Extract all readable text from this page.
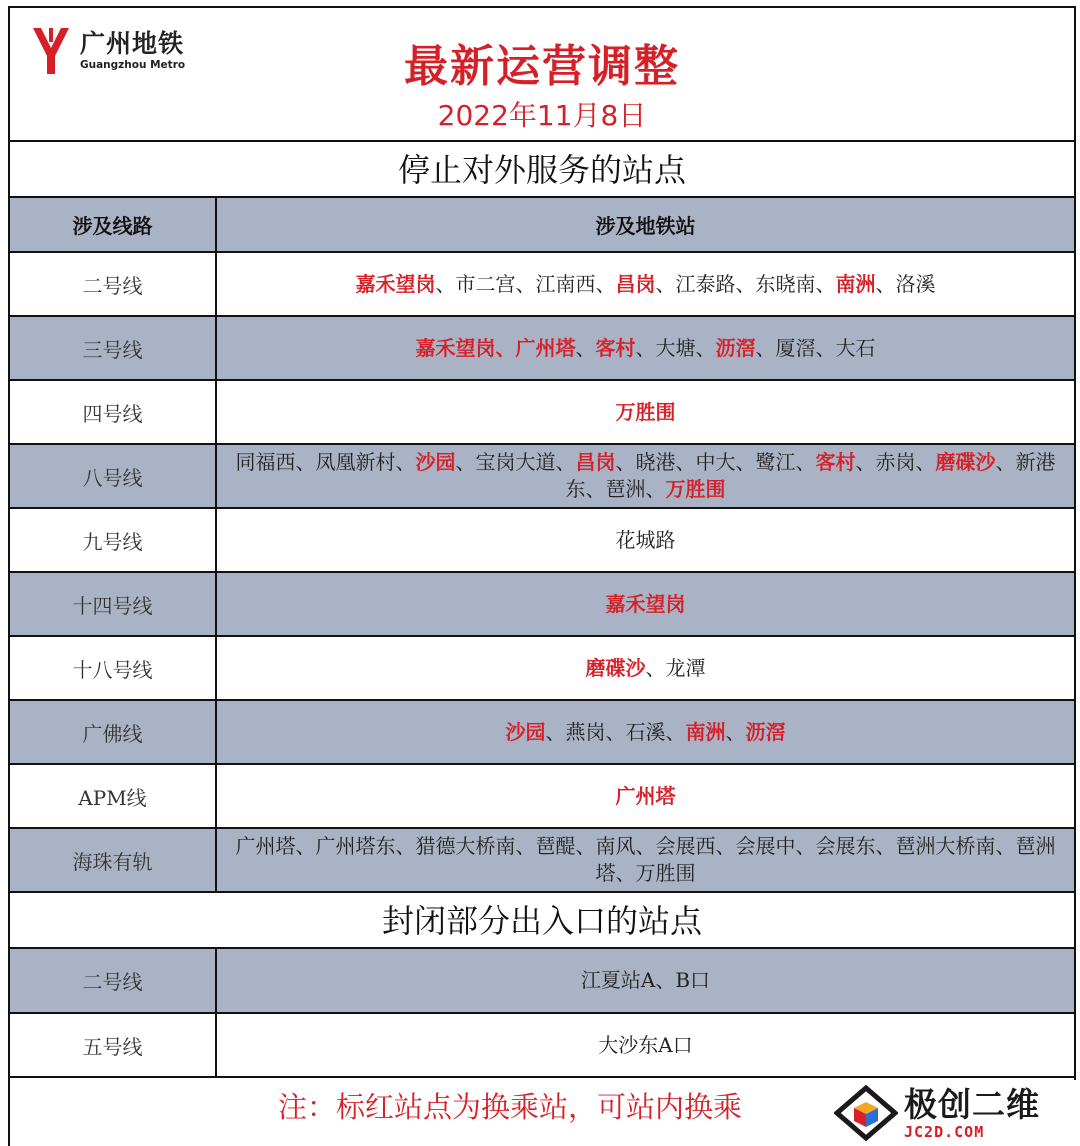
广州地铁
Guangzhou Metro	最新运营调整
2022年11月8日
停止对外服务的站点
涉及线路	涉及地铁站
二号线	嘉禾望岗、市二宫、江南西、昌岗、江泰路、东晓南、南洲、洛溪
三号线	嘉禾望岗、广州塔、客村、大塘、沥滘、厦滘、大石
四号线	万胜围
八号线	同福西、凤凰新村、沙园、宝岗大道、昌岗、晓港、中大、鹭江、客村、赤岗、磨碟沙、新港东、琶洲、万胜围
九号线	花城路
十四号线	嘉禾望岗
十八号线	磨碟沙、龙潭
广佛线	沙园、燕岗、石溪、南洲、沥滘
APM线	广州塔
海珠有轨	广州塔、广州塔东、猎德大桥南、琶醍、南风、会展西、会展中、会展东、琶洲大桥南、琶洲塔、万胜围
封闭部分出入口的站点
二号线	江夏站A、B口
五号线	大沙东A口
注：标红站点为换乘站，可站内换乘	极创二维
JC2D.COM
